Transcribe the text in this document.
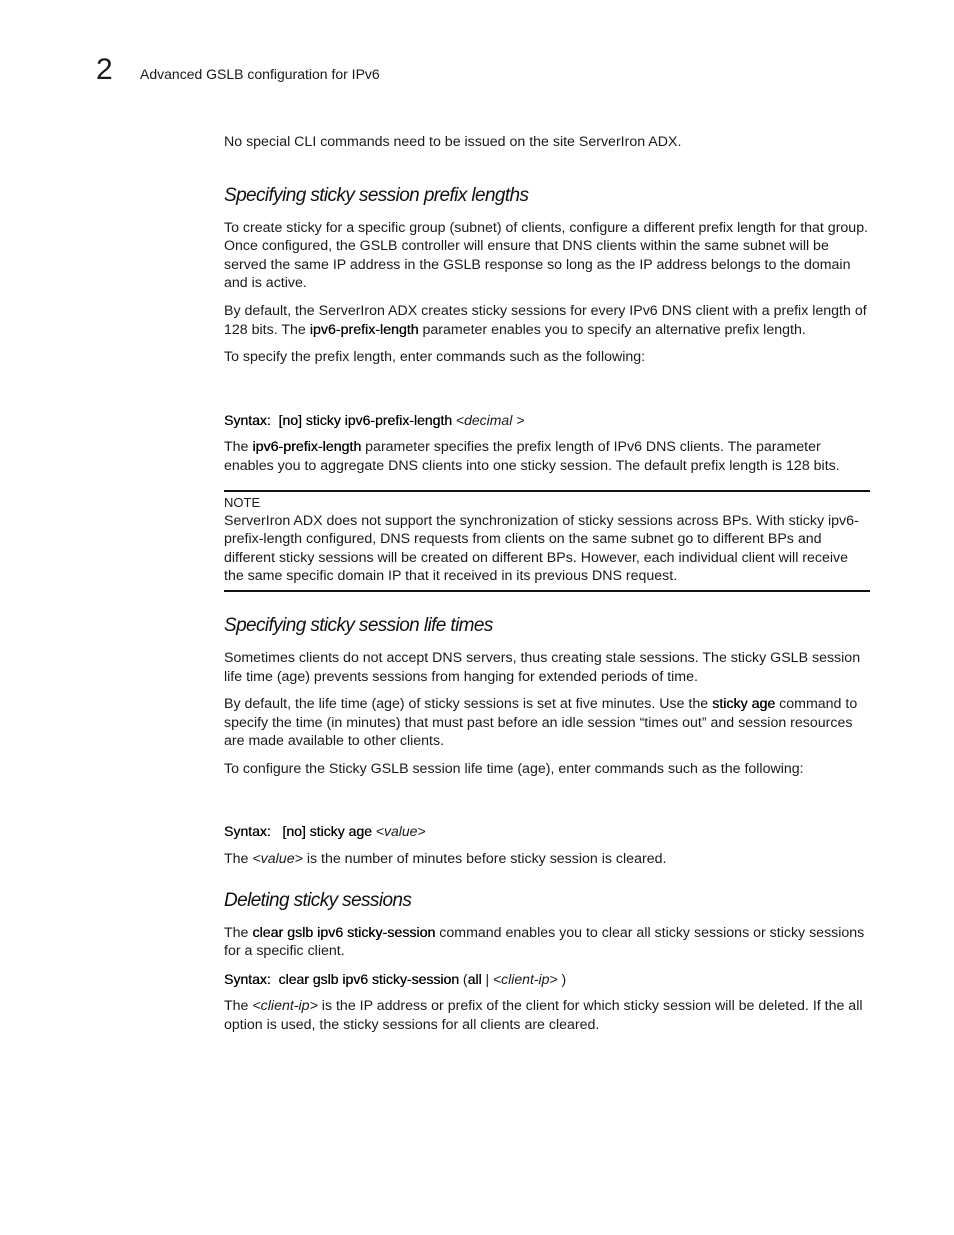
2 Advanced GSLB configuration for IPv6

No special CLI commands need to be issued on the site ServerIron ADX.

Specifying sticky session prefix lengths

To create sticky for a specific group (subnet) of clients, configure a different prefix length for that group. Once configured, the GSLB controller will ensure that DNS clients within the same subnet will be served the same IP address in the GSLB response so long as the IP address belongs to the domain and is active.

By default, the ServerIron ADX creates sticky sessions for every IPv6 DNS client with a prefix length of 128 bits. The ipv6-prefix-length parameter enables you to specify an alternative prefix length.

To specify the prefix length, enter commands such as the following:

Syntax: [no] sticky ipv6-prefix-length <decimal >

The ipv6-prefix-length parameter specifies the prefix length of IPv6 DNS clients. The parameter enables you to aggregate DNS clients into one sticky session. The default prefix length is 128 bits.

NOTE

ServerIron ADX does not support the synchronization of sticky sessions across BPs. With sticky ipv6-prefix-length configured, DNS requests from clients on the same subnet go to different BPs and different sticky sessions will be created on different BPs. However, each individual client will receive the same specific domain IP that it received in its previous DNS request.

Specifying sticky session life times

Sometimes clients do not accept DNS servers, thus creating stale sessions. The sticky GSLB session life time (age) prevents sessions from hanging for extended periods of time.

By default, the life time (age) of sticky sessions is set at five minutes. Use the sticky age command to specify the time (in minutes) that must past before an idle session “times out” and session resources are made available to other clients.

To configure the Sticky GSLB session life time (age), enter commands such as the following:

Syntax: [no] sticky age <value>

The <value> is the number of minutes before sticky session is cleared.

Deleting sticky sessions

The clear gslb ipv6 sticky-session command enables you to clear all sticky sessions or sticky sessions for a specific client.

Syntax: clear gslb ipv6 sticky-session (all | <client-ip> )

The <client-ip> is the IP address or prefix of the client for which sticky session will be deleted. If the all option is used, the sticky sessions for all clients are cleared.
